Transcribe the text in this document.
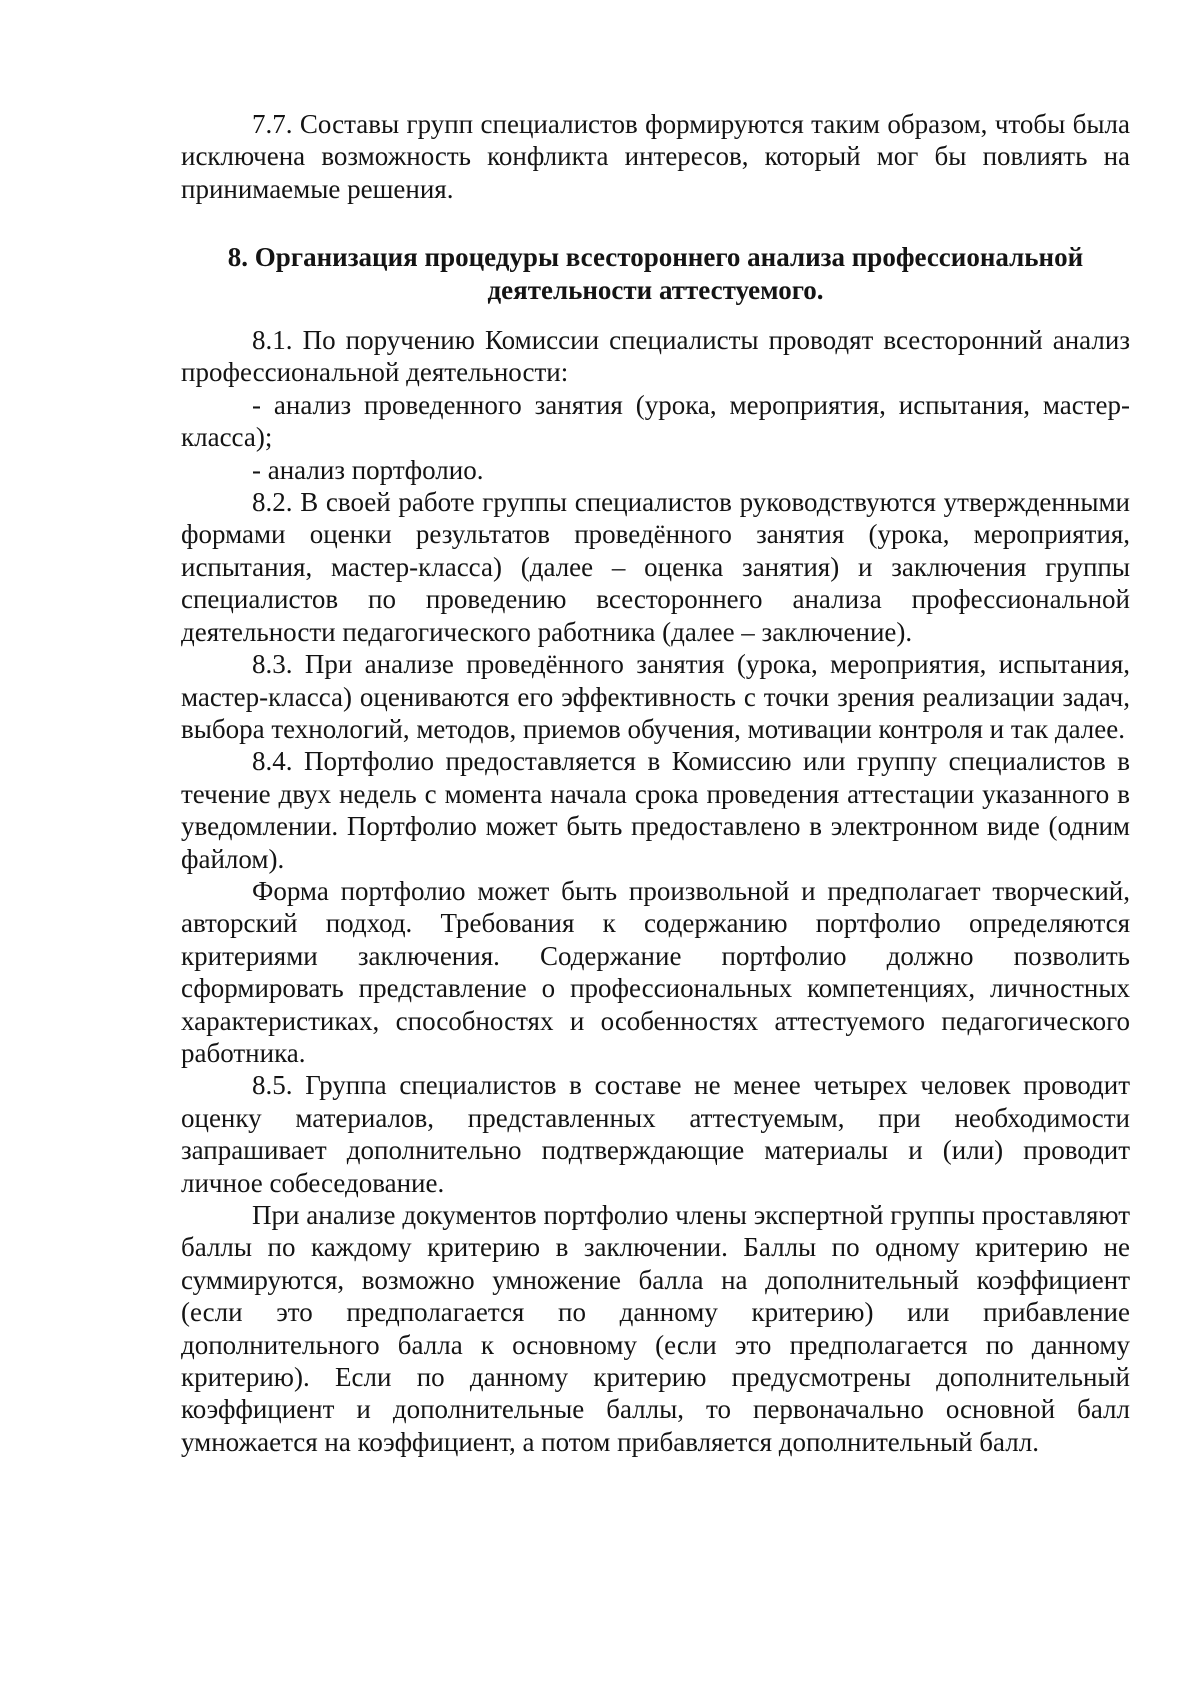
7.7. Составы групп специалистов формируются таким образом, чтобы была исключена возможность конфликта интересов, который мог бы повлиять на принимаемые решения.

8. Организация процедуры всестороннего анализа профессиональной
деятельности аттестуемого.

8.1. По поручению Комиссии специалисты проводят всесторонний анализ профессиональной деятельности:

- анализ проведенного занятия (урока, мероприятия, испытания, мастер-класса);

- анализ портфолио.

8.2. В своей работе группы специалистов руководствуются утвержденными формами оценки результатов проведённого занятия (урока, мероприятия, испытания, мастер-класса) (далее – оценка занятия) и заключения группы специалистов по проведению всестороннего анализа профессиональной деятельности педагогического работника (далее – заключение).

8.3. При анализе проведённого занятия (урока, мероприятия, испытания, мастер-класса) оцениваются его эффективность с точки зрения реализации задач, выбора технологий, методов, приемов обучения, мотивации контроля и так далее.

8.4. Портфолио предоставляется в Комиссию или группу специалистов в течение двух недель с момента начала срока проведения аттестации указанного в уведомлении. Портфолио может быть предоставлено в электронном виде (одним файлом).

Форма портфолио может быть произвольной и предполагает творческий, авторский подход. Требования к содержанию портфолио определяются критериями заключения. Содержание портфолио должно позволить сформировать представление о профессиональных компетенциях, личностных характеристиках, способностях и особенностях аттестуемого педагогического работника.

8.5. Группа специалистов в составе не менее четырех человек проводит оценку материалов, представленных аттестуемым, при необходимости запрашивает дополнительно подтверждающие материалы и (или) проводит личное собеседование.

При анализе документов портфолио члены экспертной группы проставляют баллы по каждому критерию в заключении. Баллы по одному критерию не суммируются, возможно умножение балла на дополнительный коэффициент (если это предполагается по данному критерию) или прибавление дополнительного балла к основному (если это предполагается по данному критерию). Если по данному критерию предусмотрены дополнительный коэффициент и дополнительные баллы, то первоначально основной балл умножается на коэффициент, а потом прибавляется дополнительный балл.
